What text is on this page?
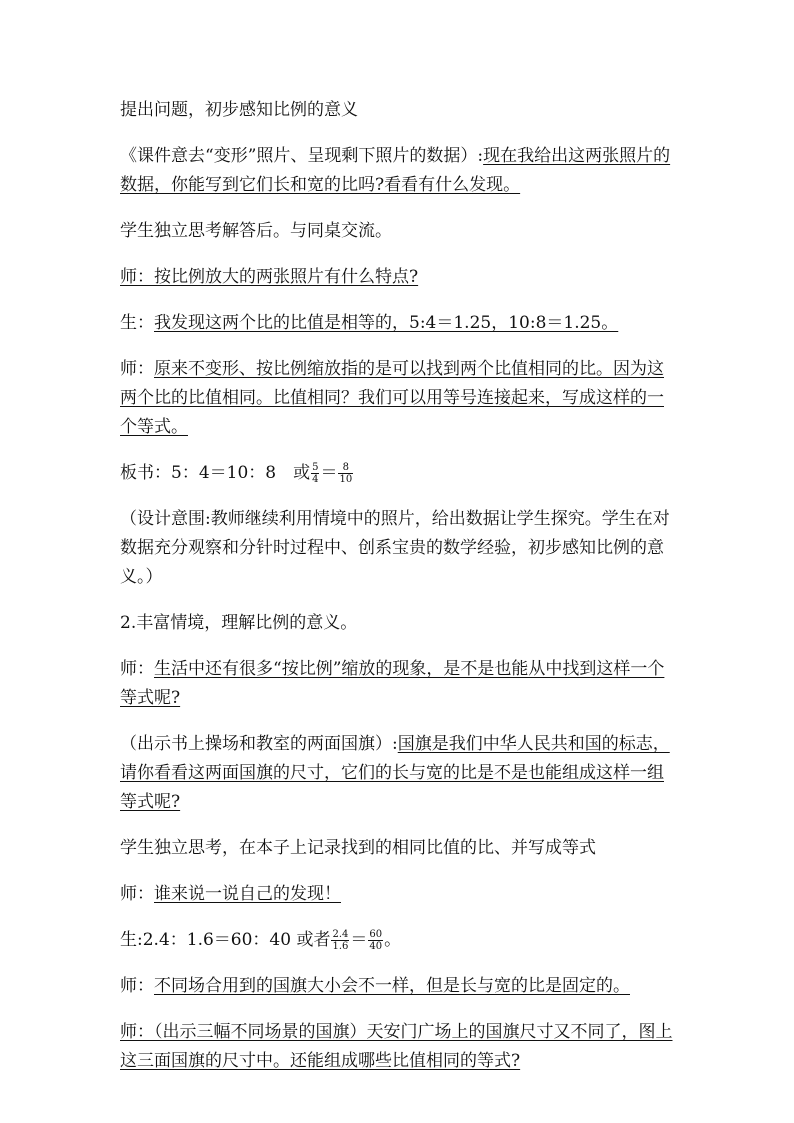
提出问题，初步感知比例的意义

《课件意去“变形”照片、呈现剩下照片的数据）:现在我给出这两张照片的数据，你能写到它们长和宽的比吗?看看有什么发现。

学生独立思考解答后。与同桌交流。

师：按比例放大的两张照片有什么特点?

生：我发现这两个比的比值是相等的，5:4＝1.25，10:8＝1.25。

师：原来不变形、按比例缩放指的是可以找到两个比值相同的比。因为这两个比的比值相同。比值相同？我们可以用等号连接起来，写成这样的一个等式。

板书：5：4＝10：8　或 $\frac{5}{4} = \frac{8}{10}$

（设计意围:教师继续利用情境中的照片，给出数据让学生探究。学生在对数据充分观察和分针时过程中、创系宝贵的数学经验，初步感知比例的意义。）

2.丰富情境，理解比例的意义。

师：生活中还有很多“按比例”缩放的现象，是不是也能从中找到这样一个等式呢?

（出示书上操场和教室的两面国旗）:国旗是我们中华人民共和国的标志，请你看看这两面国旗的尺寸，它们的长与宽的比是不是也能组成这样一组等式呢?

学生独立思考，在本子上记录找到的相同比值的比、并写成等式

师：谁来说一说自己的发现！

生:2.4：1.6＝60：40 或者 $\frac{2.4}{1.6} = \frac{60}{40}$ 。

师：不同场合用到的国旗大小会不一样，但是长与宽的比是固定的。

师：（出示三幅不同场景的国旗）天安门广场上的国旗尺寸又不同了，图上这三面国旗的尺寸中。还能组成哪些比值相同的等式?
